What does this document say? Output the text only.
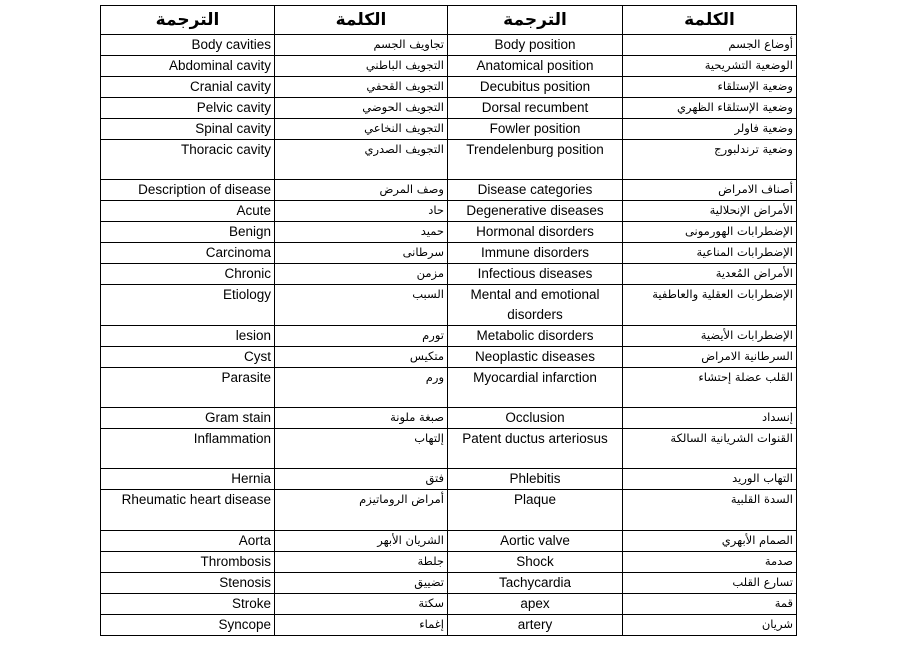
الترجمة	الكلمة	الترجمة	الكلمة
Body cavities	تجاويف الجسم	Body position	أوضاع الجسم
Abdominal cavity	التجويف الباطني	Anatomical position	الوضعية التشريحية
Cranial cavity	التجويف القحفي	Decubitus position	وضعية الإستلقاء
Pelvic cavity	التجويف الحوضي	Dorsal recumbent	وضعية الإستلقاء الظهري
Spinal cavity	التجويف النخاعي	Fowler position	وضعية فاولر
Thoracic cavity	التجويف الصدري	Trendelenburg position	وضعية ترندلبورج
Description of disease	وصف المرض	Disease categories	أصناف الامراض
Acute	حاد	Degenerative diseases	الأمراض الإنحلالية
Benign	حميد	Hormonal disorders	الإضطرابات الهورمونى
Carcinoma	سرطانى	Immune disorders	الإضطرابات المناعية
Chronic	مزمن	Infectious diseases	الأمراض المُعدية
Etiology	السبب	Mental and emotional disorders	الإضطرابات العقلية والعاطفية
lesion	تورم	Metabolic disorders	الإضطرابات الأيضية
Cyst	متكيس	Neoplastic diseases	السرطانية الامراض
Parasite	ورم	Myocardial infarction	القلب عضلة إحتشاء
Gram stain	صبغة ملونة	Occlusion	إنسداد
Inflammation	إلتهاب	Patent ductus arteriosus	القنوات الشريانية السالكة
Hernia	فتق	Phlebitis	التهاب الوريد
Rheumatic heart disease	أمراض الروماتيزم	Plaque	السدة القلبية
Aorta	الشريان الأبهر	Aortic valve	الصمام الأبهري
Thrombosis	جلطة	Shock	صدمة
Stenosis	تضييق	Tachycardia	تسارع القلب
Stroke	سكتة	apex	قمة
Syncope	إغماء	artery	شريان
